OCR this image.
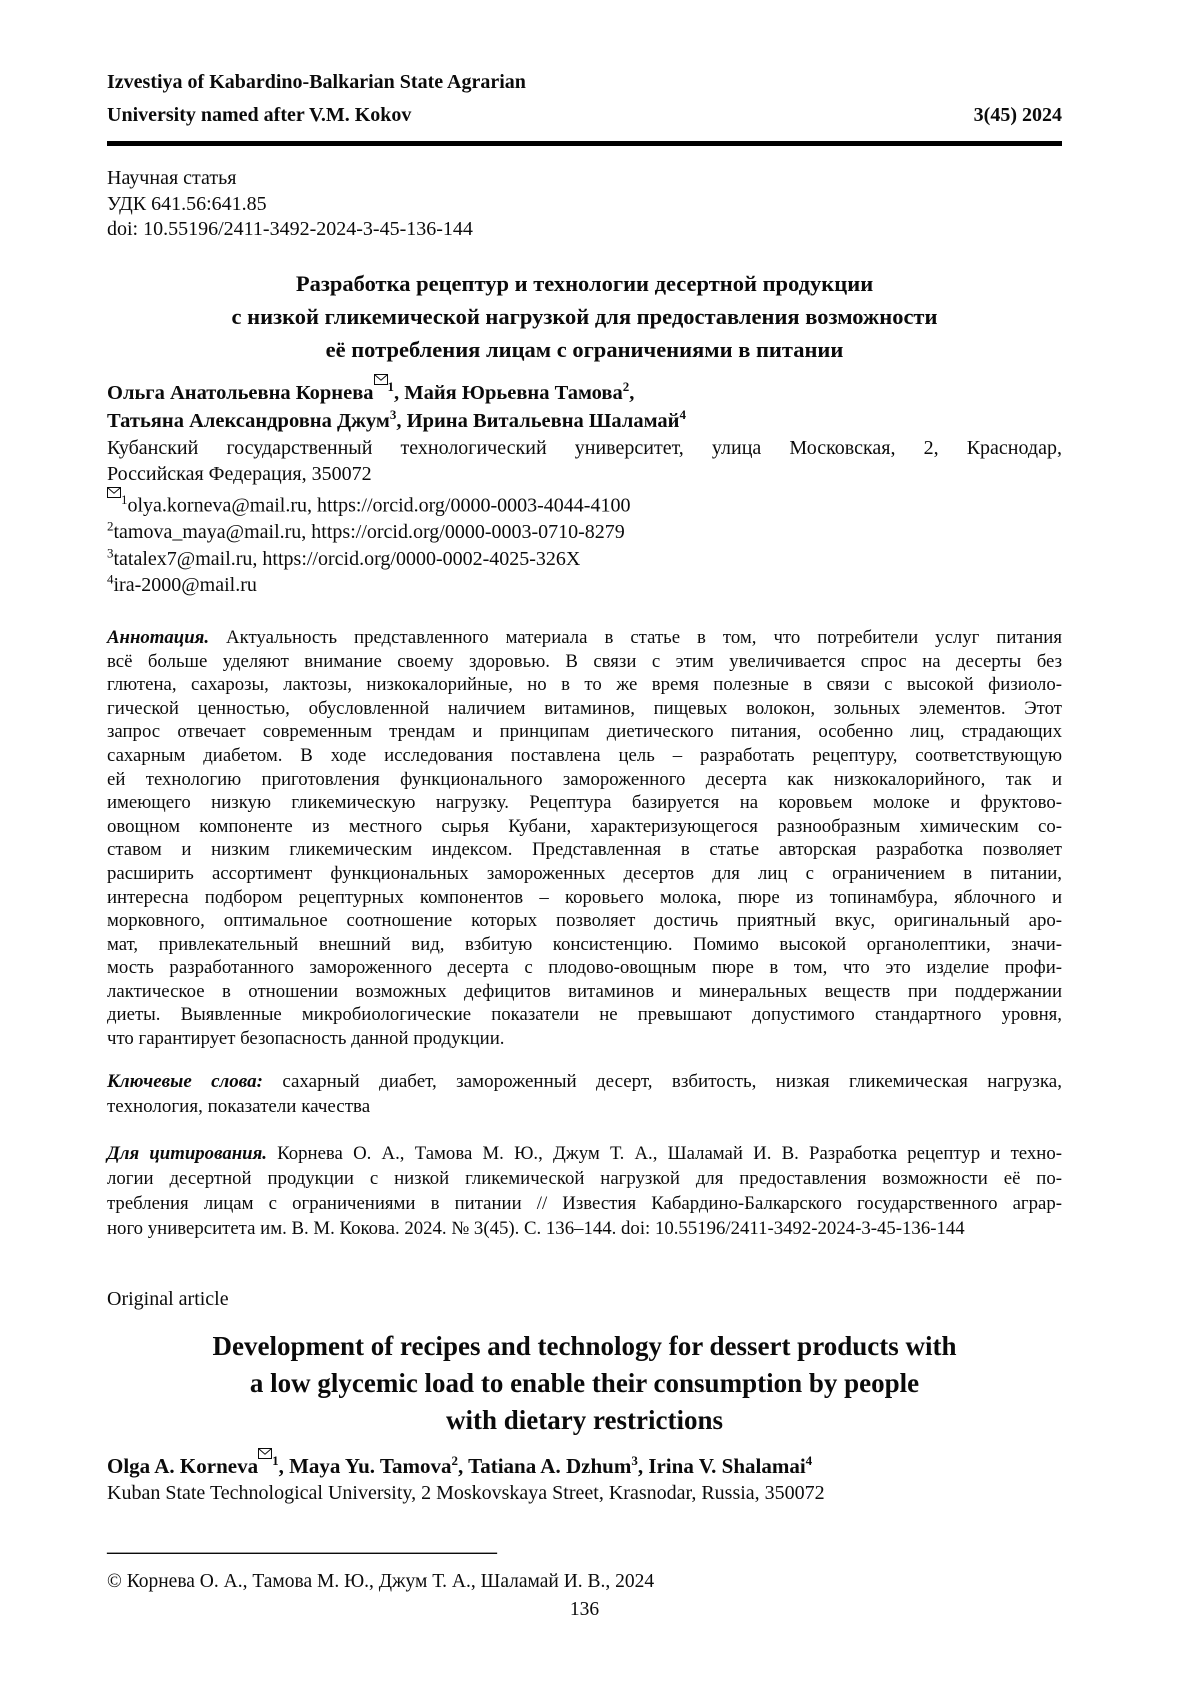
Izvestiya of Kabardino-Balkarian State Agrarian
University named after V.M. Kokov	3(45) 2024
Научная статья
УДК 641.56:641.85
doi: 10.55196/2411-3492-2024-3-45-136-144
Разработка рецептур и технологии десертной продукции
с низкой гликемической нагрузкой для предоставления возможности
её потребления лицам с ограничениями в питании
Ольга Анатольевна Корнева $^1$, Майя Юрьевна Тамова$^2$,
Татьяна Александровна Джум$^3$, Ирина Витальевна Шаламай$^4$
Кубанский государственный технологический университет, улица Московская, 2, Краснодар,
Российская Федерация, 350072
$^1$olya.korneva@mail.ru, https://orcid.org/0000-0003-4044-4100
$^2$tamova_maya@mail.ru, https://orcid.org/0000-0003-0710-8279
$^3$tatalex7@mail.ru, https://orcid.org/0000-0002-4025-326X
$^4$ira-2000@mail.ru
Аннотация. Актуальность представленного материала в статье в том, что потребители услуг питания
всё больше уделяют внимание своему здоровью. В связи с этим увеличивается спрос на десерты без
глютена, сахарозы, лактозы, низкокалорийные, но в то же время полезные в связи с высокой физиоло-
гической ценностью, обусловленной наличием витаминов, пищевых волокон, зольных элементов. Этот
запрос отвечает современным трендам и принципам диетического питания, особенно лиц, страдающих
сахарным диабетом. В ходе исследования поставлена цель – разработать рецептуру, соответствующую
ей технологию приготовления функционального замороженного десерта как низкокалорийного, так и
имеющего низкую гликемическую нагрузку. Рецептура базируется на коровьем молоке и фруктово-
овощном компоненте из местного сырья Кубани, характеризующегося разнообразным химическим со-
ставом и низким гликемическим индексом. Представленная в статье авторская разработка позволяет
расширить ассортимент функциональных замороженных десертов для лиц с ограничением в питании,
интересна подбором рецептурных компонентов – коровьего молока, пюре из топинамбура, яблочного и
морковного, оптимальное соотношение которых позволяет достичь приятный вкус, оригинальный аро-
мат, привлекательный внешний вид, взбитую консистенцию. Помимо высокой органолептики, значи-
мость разработанного замороженного десерта с плодово-овощным пюре в том, что это изделие профи-
лактическое в отношении возможных дефицитов витаминов и минеральных веществ при поддержании
диеты. Выявленные микробиологические показатели не превышают допустимого стандартного уровня,
что гарантирует безопасность данной продукции.
Ключевые слова: сахарный диабет, замороженный десерт, взбитость, низкая гликемическая нагрузка,
технология, показатели качества
Для цитирования. Корнева О. А., Тамова М. Ю., Джум Т. А., Шаламай И. В. Разработка рецептур и техно-
логии десертной продукции с низкой гликемической нагрузкой для предоставления возможности её по-
требления лицам с ограничениями в питании // Известия Кабардино-Балкарского государственного аграр-
ного университета им. В. М. Кокова. 2024. № 3(45). С. 136–144. doi: 10.55196/2411-3492-2024-3-45-136-144
Original article
Development of recipes and technology for dessert products with
a low glycemic load to enable their consumption by people
with dietary restrictions
Olga A. Korneva $^1$, Maya Yu. Tamova$^2$, Tatiana A. Dzhum$^3$, Irina V. Shalamai$^4$
Kuban State Technological University, 2 Moskovskaya Street, Krasnodar, Russia, 350072
_______________________________________
© Корнева О. А., Тамова М. Ю., Джум Т. А., Шаламай И. В., 2024
136
